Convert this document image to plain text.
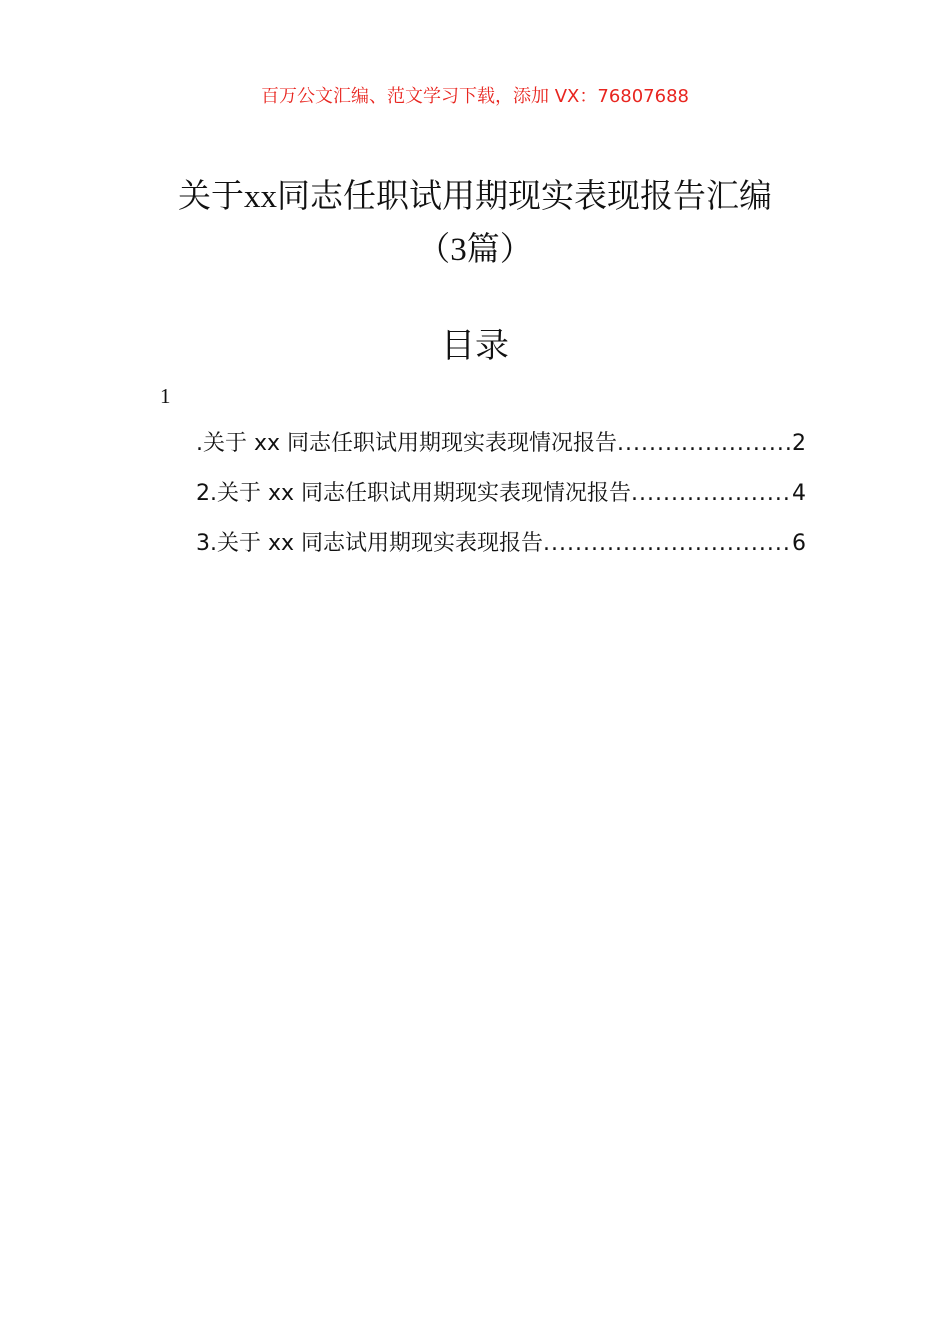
百万公文汇编、范文学习下载，添加 VX：76807688
关于xx同志任职试用期现实表现报告汇编
（3篇）
目录
1
.关于 xx 同志任职试用期现实表现情况报告 .....	2
2.关于 xx 同志任职试用期现实表现情况报告 .....	4
3.关于 xx 同志试用期现实表现报告 .....	6
